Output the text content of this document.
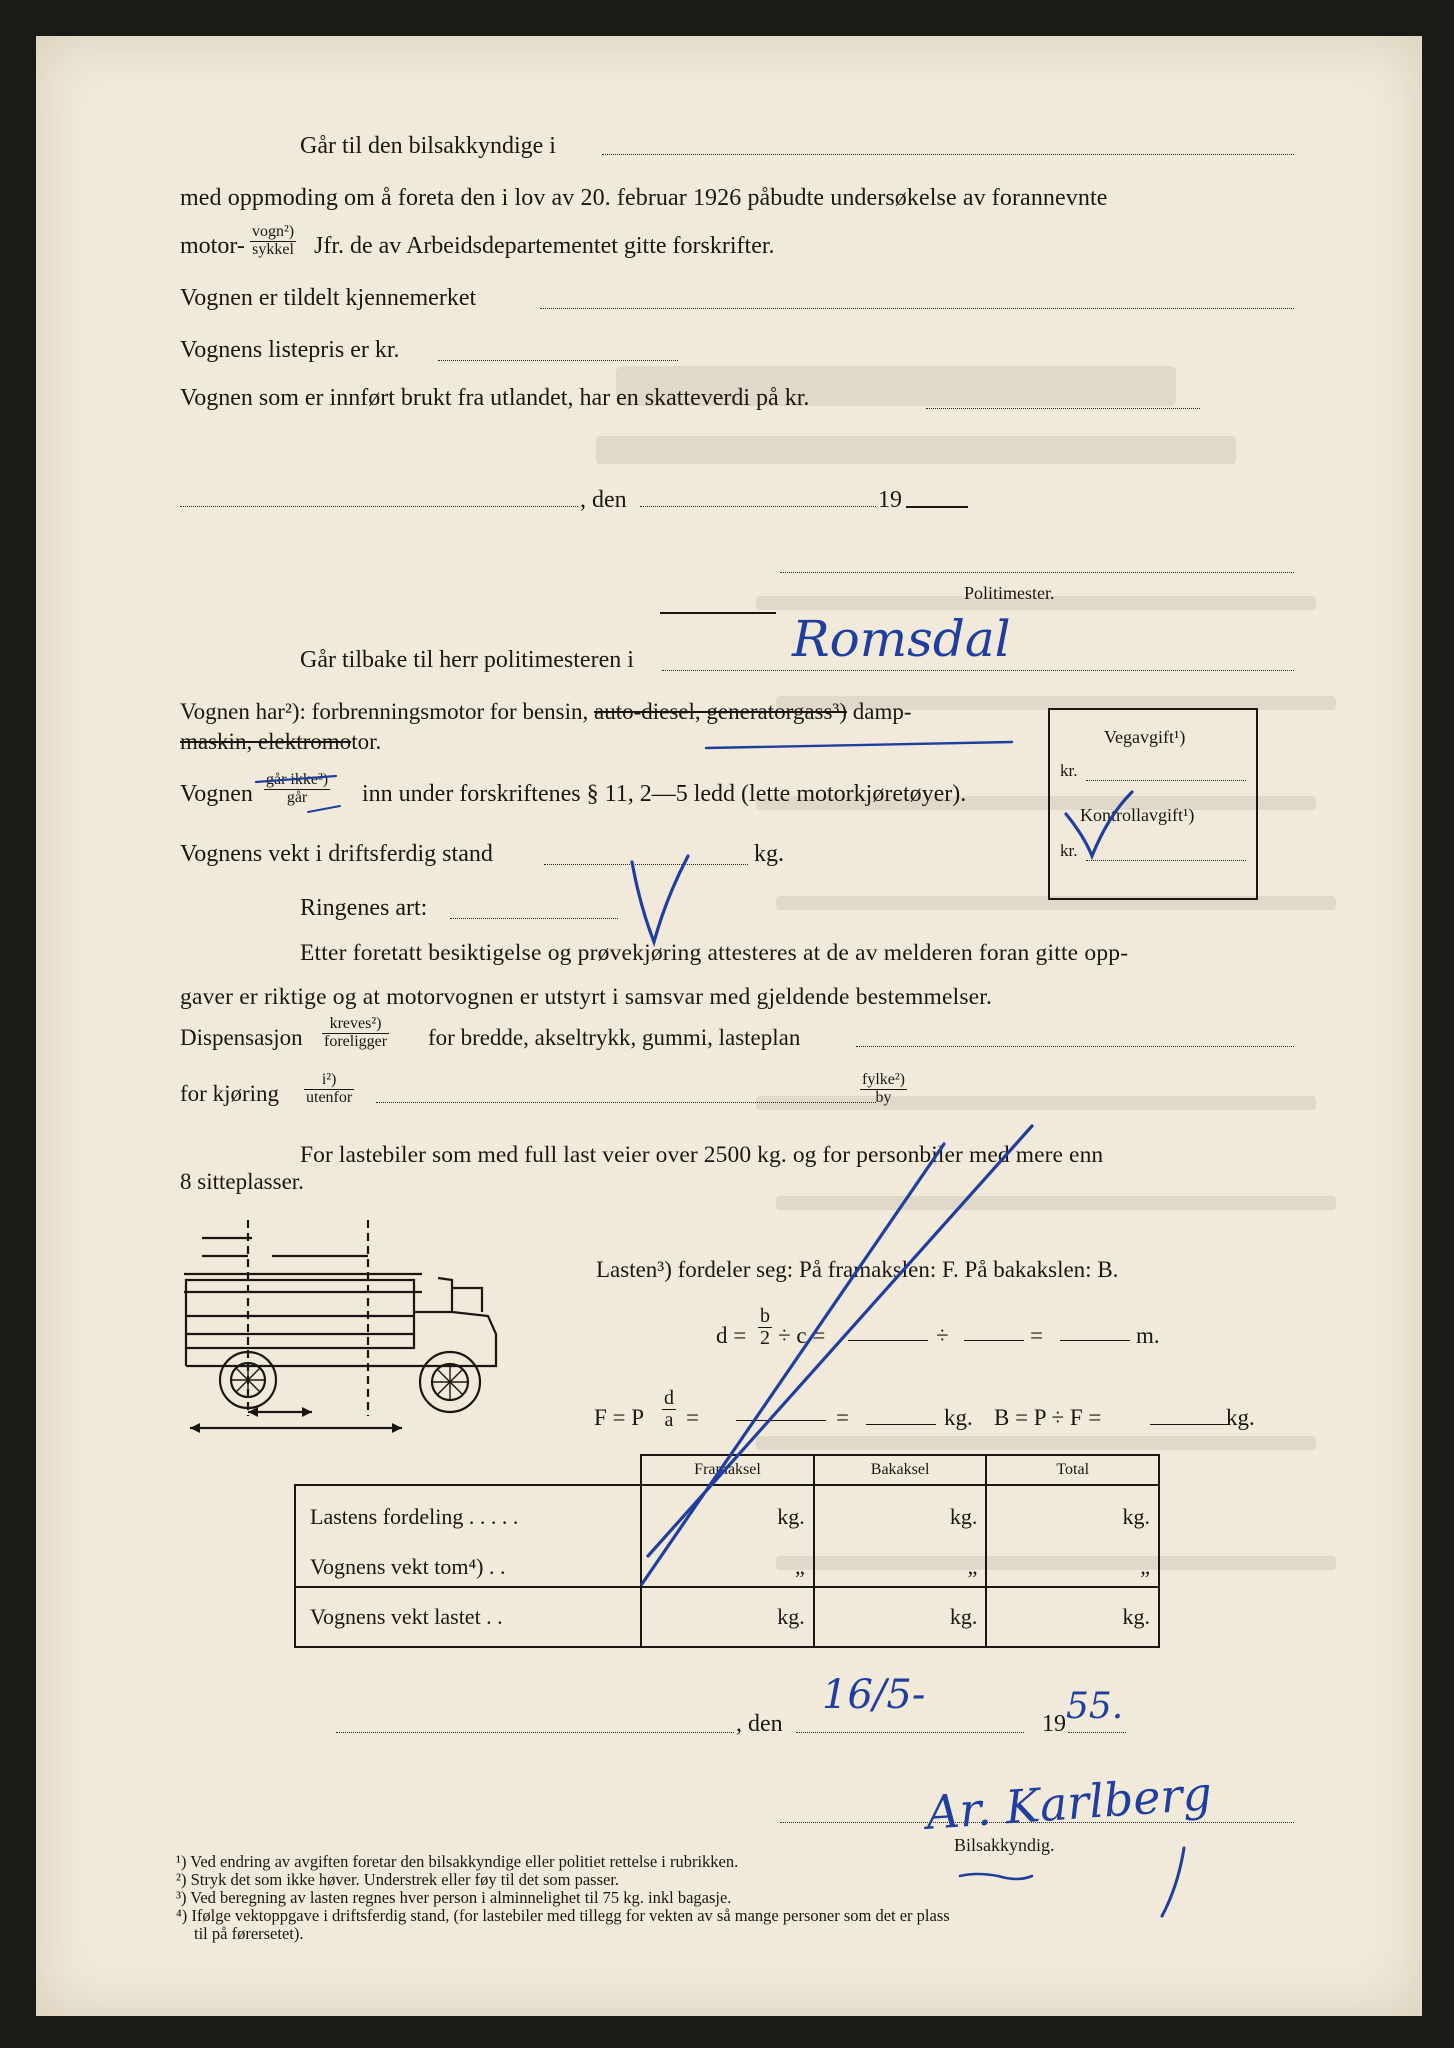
Går til den bilsakkyndige i
med oppmoding om å foreta den i lov av 20. februar 1926 påbudte undersøkelse av forannevnte
motor-
vogn²)
sykkel Jfr. de av Arbeidsdepartementet gitte forskrifter.
Vognen er tildelt kjennemerket
Vognens listepris er kr.
Vognen som er innført brukt fra utlandet, har en skatteverdi på kr.
, den	19
Politimester.
Går tilbake til herr politimesteren i	Romsdal
Vognen har²): forbrenningsmotor for bensin, auto-diesel, generatorgass³) damp-
maskin, elektromotor.
Vognen
går ikke²)
går	inn under forskriftenes § 11, 2—5 ledd (lette motorkjøretøyer).
Vognens vekt i driftsferdig stand	kg.
Ringenes art:
Etter foretatt besiktigelse og prøvekjøring attesteres at de av melderen foran gitte opp-
gaver er riktige og at motorvognen er utstyrt i samsvar med gjeldende bestemmelser.
Dispensasjon
kreves²)
foreligger for bredde, akseltrykk, gummi, lasteplan
for kjøring
i²)
utenfor
fylke²)
by
Vegavgift¹)
kr.
Kontrollavgift¹)
kr.
For lastebiler som med full last veier over 2500 kg. og for personbiler med mere enn
8 sitteplasser.
Lasten³) fordeler seg: På framakslen: F. På bakakslen: B.
$d = \frac{b}{2} \div c$ =	÷	=	m.
F = P $\frac{d}{a}$ =	=	kg. B = P ÷ F =	kg.
	Framaksel	Bakaksel	Total
Lastens fordeling . . . . .	kg.	kg.	kg.
Vognens vekt tom⁴) . .	„	„	„
Vognens vekt lastet . .	kg.	kg.	kg.
, den
16/5-
19 55.
Ar. Karlberg
Bilsakkyndig.
¹) Ved endring av avgiften foretar den bilsakkyndige eller politiet rettelse i rubrikken.
²) Stryk det som ikke høver. Understrek eller føy til det som passer.
³) Ved beregning av lasten regnes hver person i alminnelighet til 75 kg. inkl bagasje.
⁴) Ifølge vektoppgave i driftsferdig stand, (for lastebiler med tillegg for vekten av så mange personer som det er plass
til på førersetet).
